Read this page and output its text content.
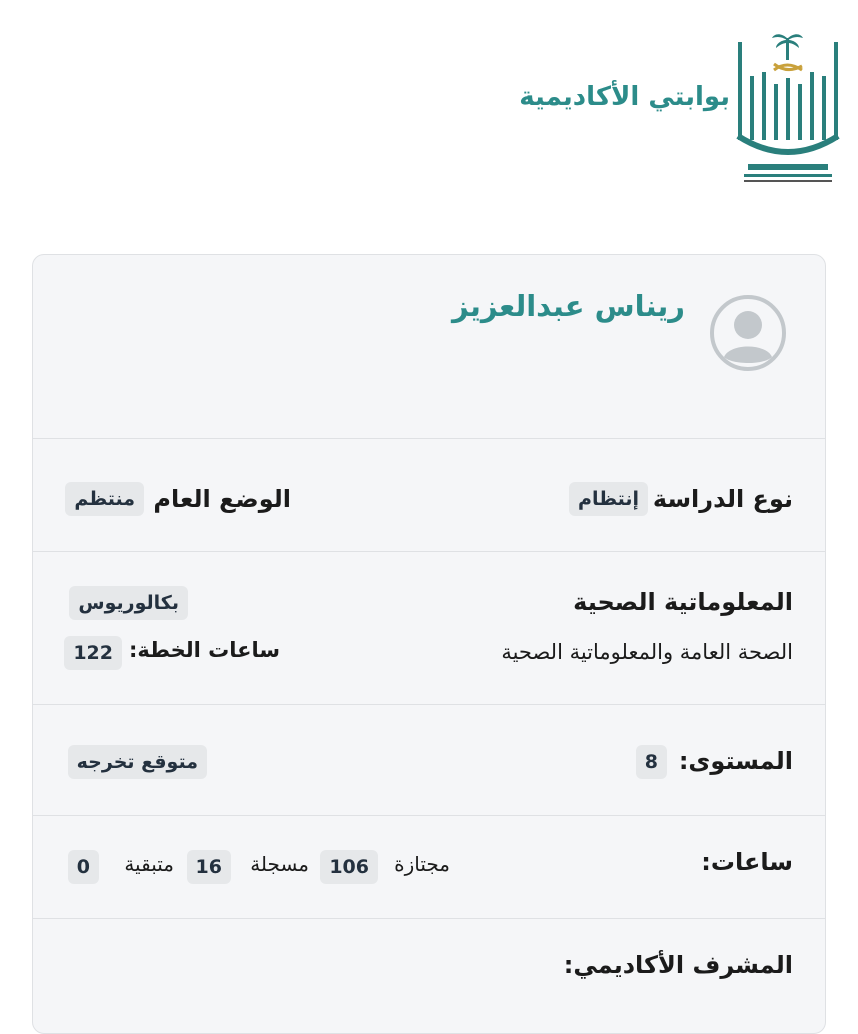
بوابتي الأكاديمية
ريناس عبدالعزيز
نوع الدراسة
إنتظام
الوضع العام
منتظم
المعلوماتية الصحية
بكالوريوس
الصحة العامة والمعلوماتية الصحية
ساعات الخطة:
122
المستوى:
8
متوقع تخرجه
ساعات:
مجتازة
106
مسجلة
16
متبقية
0
المشرف الأكاديمي:
